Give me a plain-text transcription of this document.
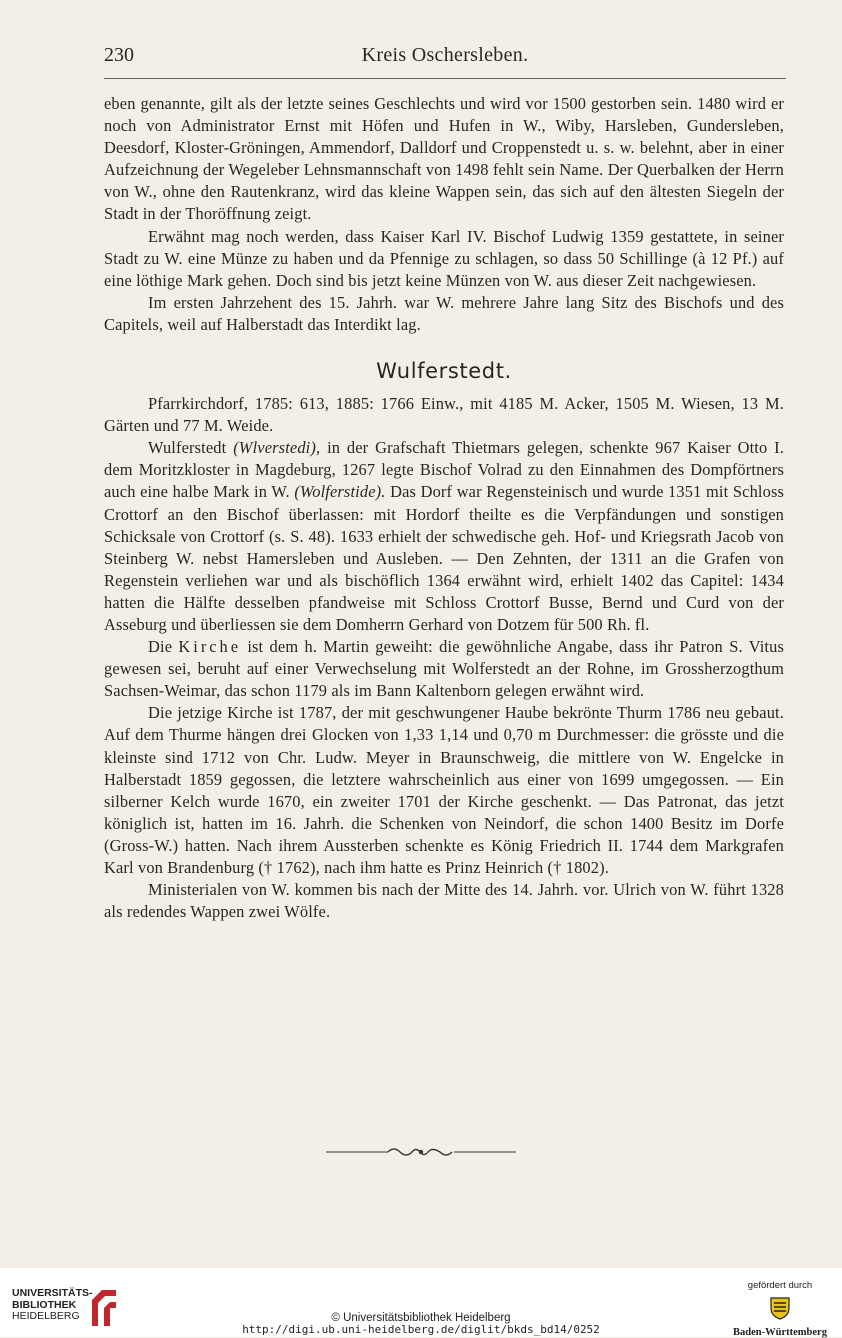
230	Kreis Oschersleben.

eben genannte, gilt als der letzte seines Geschlechts und wird vor 1500 gestorben sein. 1480 wird er noch von Administrator Ernst mit Höfen und Hufen in W., Wiby, Harsleben, Gundersleben, Deesdorf, Kloster-Gröningen, Ammendorf, Dalldorf und Croppenstedt u. s. w. belehnt, aber in einer Aufzeichnung der Wegeleber Lehnsmannschaft von 1498 fehlt sein Name. Der Querbalken der Herrn von W., ohne den Rautenkranz, wird das kleine Wappen sein, das sich auf den ältesten Siegeln der Stadt in der Thoröffnung zeigt.

Erwähnt mag noch werden, dass Kaiser Karl IV. Bischof Ludwig 1359 gestattete, in seiner Stadt zu W. eine Münze zu haben und da Pfennige zu schlagen, so dass 50 Schillinge (à 12 Pf.) auf eine löthige Mark gehen. Doch sind bis jetzt keine Münzen von W. aus dieser Zeit nachgewiesen.

Im ersten Jahrzehent des 15. Jahrh. war W. mehrere Jahre lang Sitz des Bischofs und des Capitels, weil auf Halberstadt das Interdikt lag.

Wulferstedt.

Pfarrkirchdorf, 1785: 613, 1885: 1766 Einw., mit 4185 M. Acker, 1505 M. Wiesen, 13 M. Gärten und 77 M. Weide.

Wulferstedt (Wlverstedi), in der Grafschaft Thietmars gelegen, schenkte 967 Kaiser Otto I. dem Moritzkloster in Magdeburg, 1267 legte Bischof Volrad zu den Einnahmen des Dompförtners auch eine halbe Mark in W. (Wolferstide). Das Dorf war Regensteinisch und wurde 1351 mit Schloss Crottorf an den Bischof überlassen: mit Hordorf theilte es die Verpfändungen und sonstigen Schicksale von Crottorf (s. S. 48). 1633 erhielt der schwedische geh. Hof- und Kriegsrath Jacob von Steinberg W. nebst Hamersleben und Ausleben. — Den Zehnten, der 1311 an die Grafen von Regenstein verliehen war und als bischöflich 1364 erwähnt wird, erhielt 1402 das Capitel: 1434 hatten die Hälfte desselben pfandweise mit Schloss Crottorf Busse, Bernd und Curd von der Asseburg und überliessen sie dem Domherrn Gerhard von Dotzem für 500 Rh. fl.

Die Kirche ist dem h. Martin geweiht: die gewöhnliche Angabe, dass ihr Patron S. Vitus gewesen sei, beruht auf einer Verwechselung mit Wolferstedt an der Rohne, im Grossherzogthum Sachsen-Weimar, das schon 1179 als im Bann Kaltenborn gelegen erwähnt wird.

Die jetzige Kirche ist 1787, der mit geschwungener Haube bekrönte Thurm 1786 neu gebaut. Auf dem Thurme hängen drei Glocken von 1,33 1,14 und 0,70 m Durchmesser: die grösste und die kleinste sind 1712 von Chr. Ludw. Meyer in Braunschweig, die mittlere von W. Engelcke in Halberstadt 1859 gegossen, die letztere wahrscheinlich aus einer von 1699 umgegossen. — Ein silberner Kelch wurde 1670, ein zweiter 1701 der Kirche geschenkt. — Das Patronat, das jetzt königlich ist, hatten im 16. Jahrh. die Schenken von Neindorf, die schon 1400 Besitz im Dorfe (Gross-W.) hatten. Nach ihrem Aussterben schenkte es König Friedrich II. 1744 dem Markgrafen Karl von Brandenburg († 1762), nach ihm hatte es Prinz Heinrich († 1802).

Ministerialen von W. kommen bis nach der Mitte des 14. Jahrh. vor. Ulrich von W. führt 1328 als redendes Wappen zwei Wölfe.

UNIVERSITÄTS-
BIBLIOTHEK
HEIDELBERG	© Universitätsbibliothek Heidelberg
http://digi.ub.uni-heidelberg.de/diglit/bkds_bd14/0252
gefördert durch
Baden-Württemberg
